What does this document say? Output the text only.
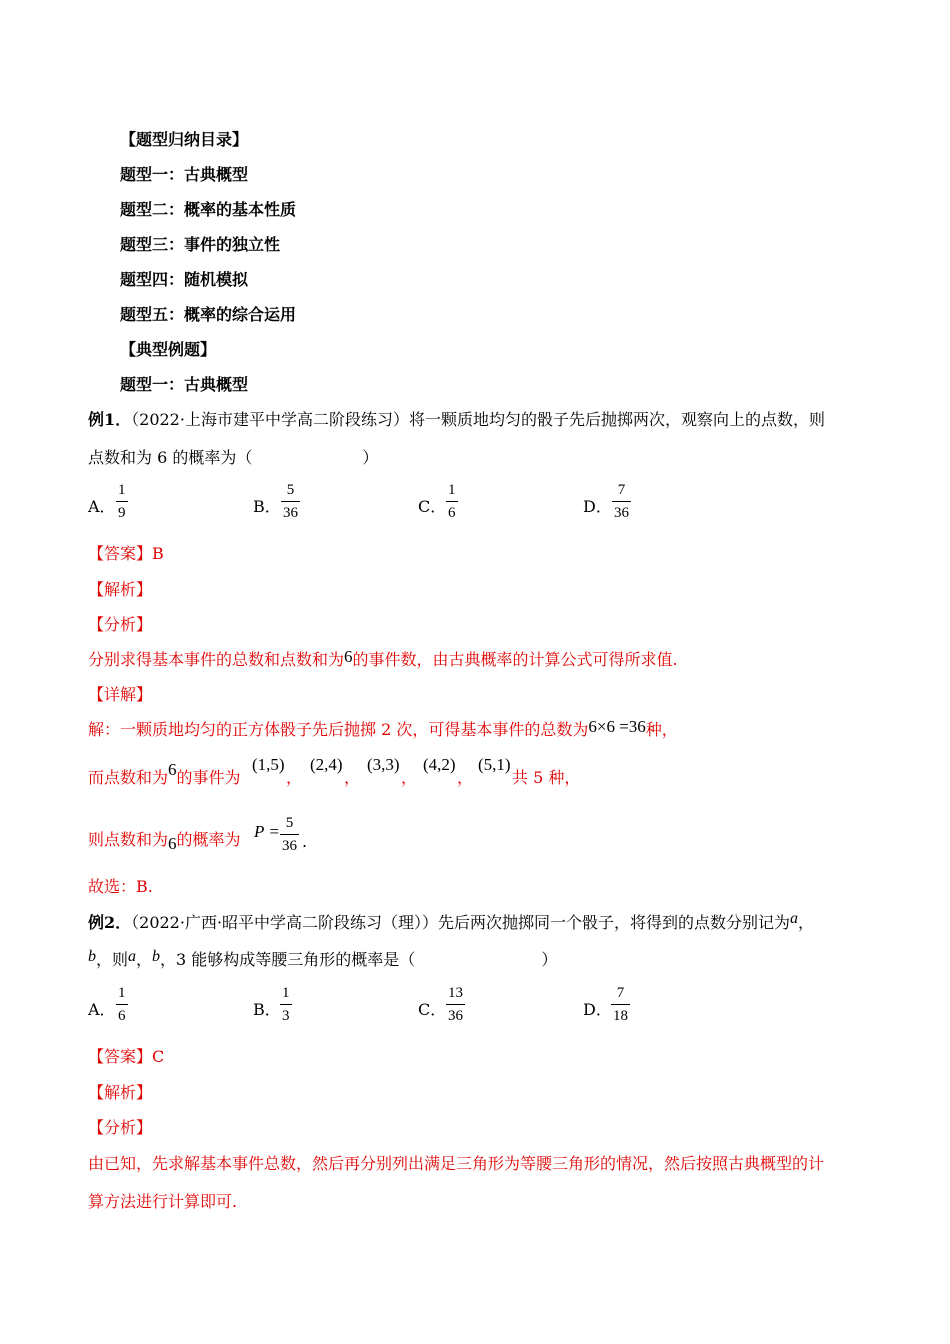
【题型归纳目录】
题型一：古典概型
题型二：概率的基本性质
题型三：事件的独立性
题型四：随机模拟
题型五：概率的综合运用
【典型例题】
题型一：古典概型
例1．（2022·上海市建平中学高二阶段练习）将一颗质地均匀的骰子先后抛掷两次，观察向上的点数，则
点数和为 6 的概率为（	）
A．
1
9	B．
5
36	C．
1
6	D．
7
36
【答案】B
【解析】
【分析】
分别求得基本事件的总数和点数和为6的事件数，由古典概率的计算公式可得所求值.
【详解】
解：一颗质地均匀的正方体骰子先后抛掷 2 次，可得基本事件的总数为6×6 =36种，
而点数和为6的事件为
(1,5)
，
(2,4)
，
(3,3)
，
(4,2)
，
(5,1)
共 5 种，
则点数和为6的概率为 P = 5
36 .
故选：B.
例2．（2022·广西·昭平中学高二阶段练习（理））先后两次抛掷同一个骰子，将得到的点数分别记为a，
b，则a，b，3 能够构成等腰三角形的概率是（	）
A．
1
6	B．
1
3	C．
13
36	D．
7
18
【答案】C
【解析】
【分析】
由已知，先求解基本事件总数，然后再分别列出满足三角形为等腰三角形的情况，然后按照古典概型的计
算方法进行计算即可.
